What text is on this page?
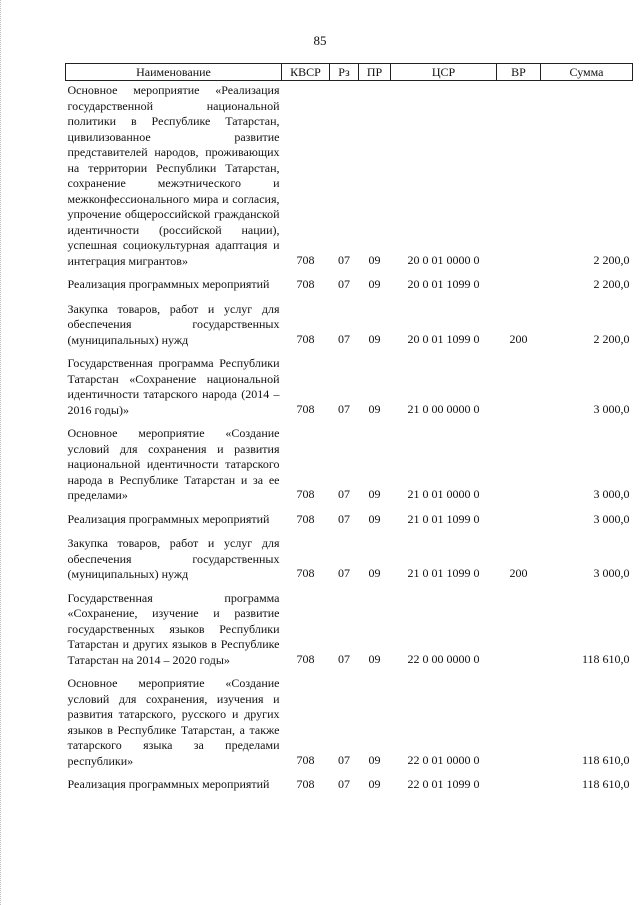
85
Наименование	КВСР	Рз	ПР	ЦСР	ВР	Сумма
Основное мероприятие «Реализация государственной национальной политики в Республике Татарстан, цивилизованное развитие представителей народов, проживающих на территории Республики Татарстан, сохранение межэтнического и межконфессионального мира и согласия, упрочение общероссийской гражданской идентичности (российской нации), успешная социокультурная адаптация и интеграция мигрантов»	708	07	09	20 0 01 0000 0		2 200,0
Реализация программных мероприятий	708	07	09	20 0 01 1099 0		2 200,0
Закупка товаров, работ и услуг для обеспечения государственных (муниципальных) нужд	708	07	09	20 0 01 1099 0	200	2 200,0
Государственная программа Республики Татарстан «Сохранение национальной идентичности татарского народа (2014 – 2016 годы)»	708	07	09	21 0 00 0000 0		3 000,0
Основное мероприятие «Создание условий для сохранения и развития национальной идентичности татарского народа в Республике Татарстан и за ее пределами»	708	07	09	21 0 01 0000 0		3 000,0
Реализация программных мероприятий	708	07	09	21 0 01 1099 0		3 000,0
Закупка товаров, работ и услуг для обеспечения государственных (муниципальных) нужд	708	07	09	21 0 01 1099 0	200	3 000,0
Государственная программа «Сохранение, изучение и развитие государственных языков Республики Татарстан и других языков в Республике Татарстан на 2014 – 2020 годы»	708	07	09	22 0 00 0000 0		118 610,0
Основное мероприятие «Создание условий для сохранения, изучения и развития татарского, русского и других языков в Республике Татарстан, а также татарского языка за пределами республики»	708	07	09	22 0 01 0000 0		118 610,0
Реализация программных мероприятий	708	07	09	22 0 01 1099 0		118 610,0
